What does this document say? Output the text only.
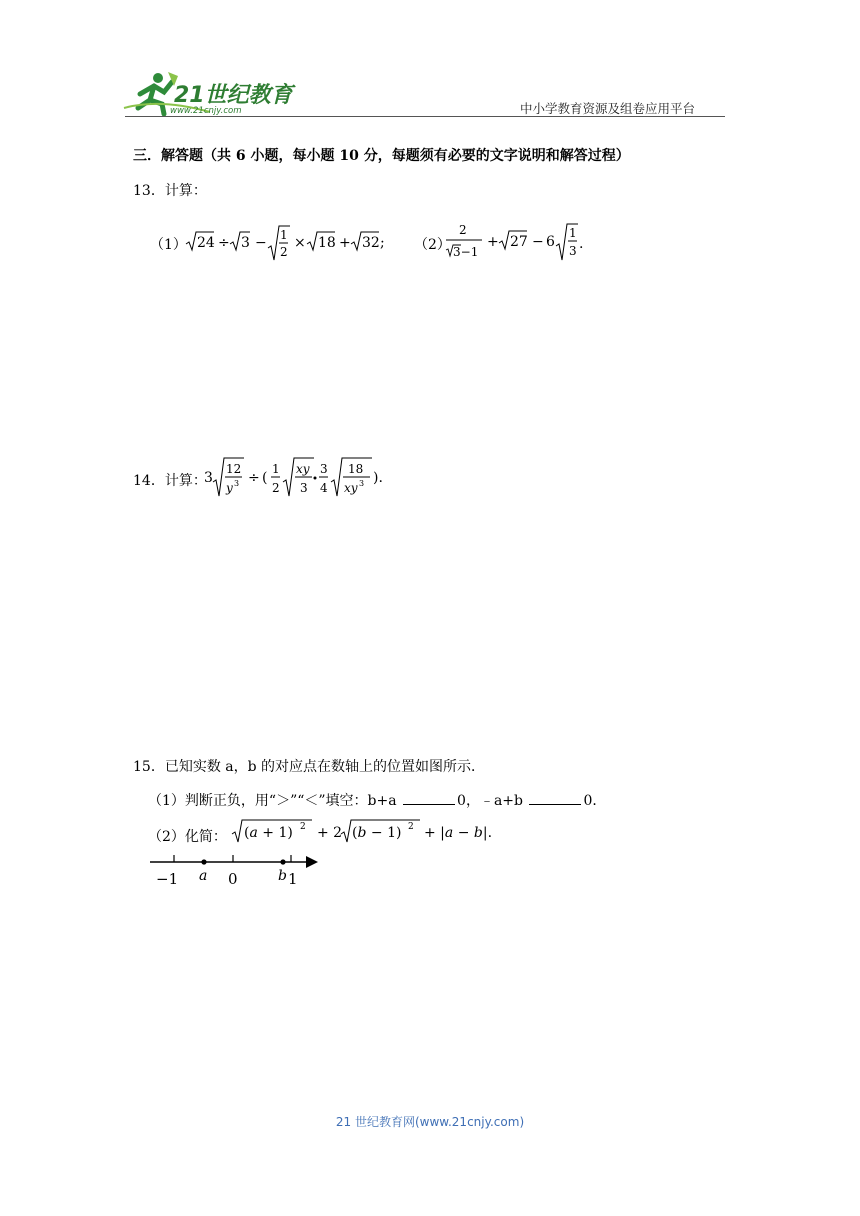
21世纪教育
www.21cnjy.com	中小学教育资源及组卷应用平台
三．解答题（共 6 小题，每小题 10 分，每题须有必要的文字说明和解答过程）
13．计算：
（1） 24 ÷ 3 − 1
2
× 18 + 32 ; （2）
2
3−1
+ 27 − 6
1
3 .
14．计算：
3
12
y 3 ÷ (
1
2
xy
3
3
4
18
xy 3 ).
15．已知实数 a，b 的对应点在数轴上的位置如图所示．
（1）判断正负，用“＞”“＜”填空：b+a	0，﹣a+b	0．
（2）化简： (a + 1) 2 + 2 (b − 1) 2 + |a − b|.
−1 a 0	b 1
21 世纪教育网(www.21cnjy.com)
